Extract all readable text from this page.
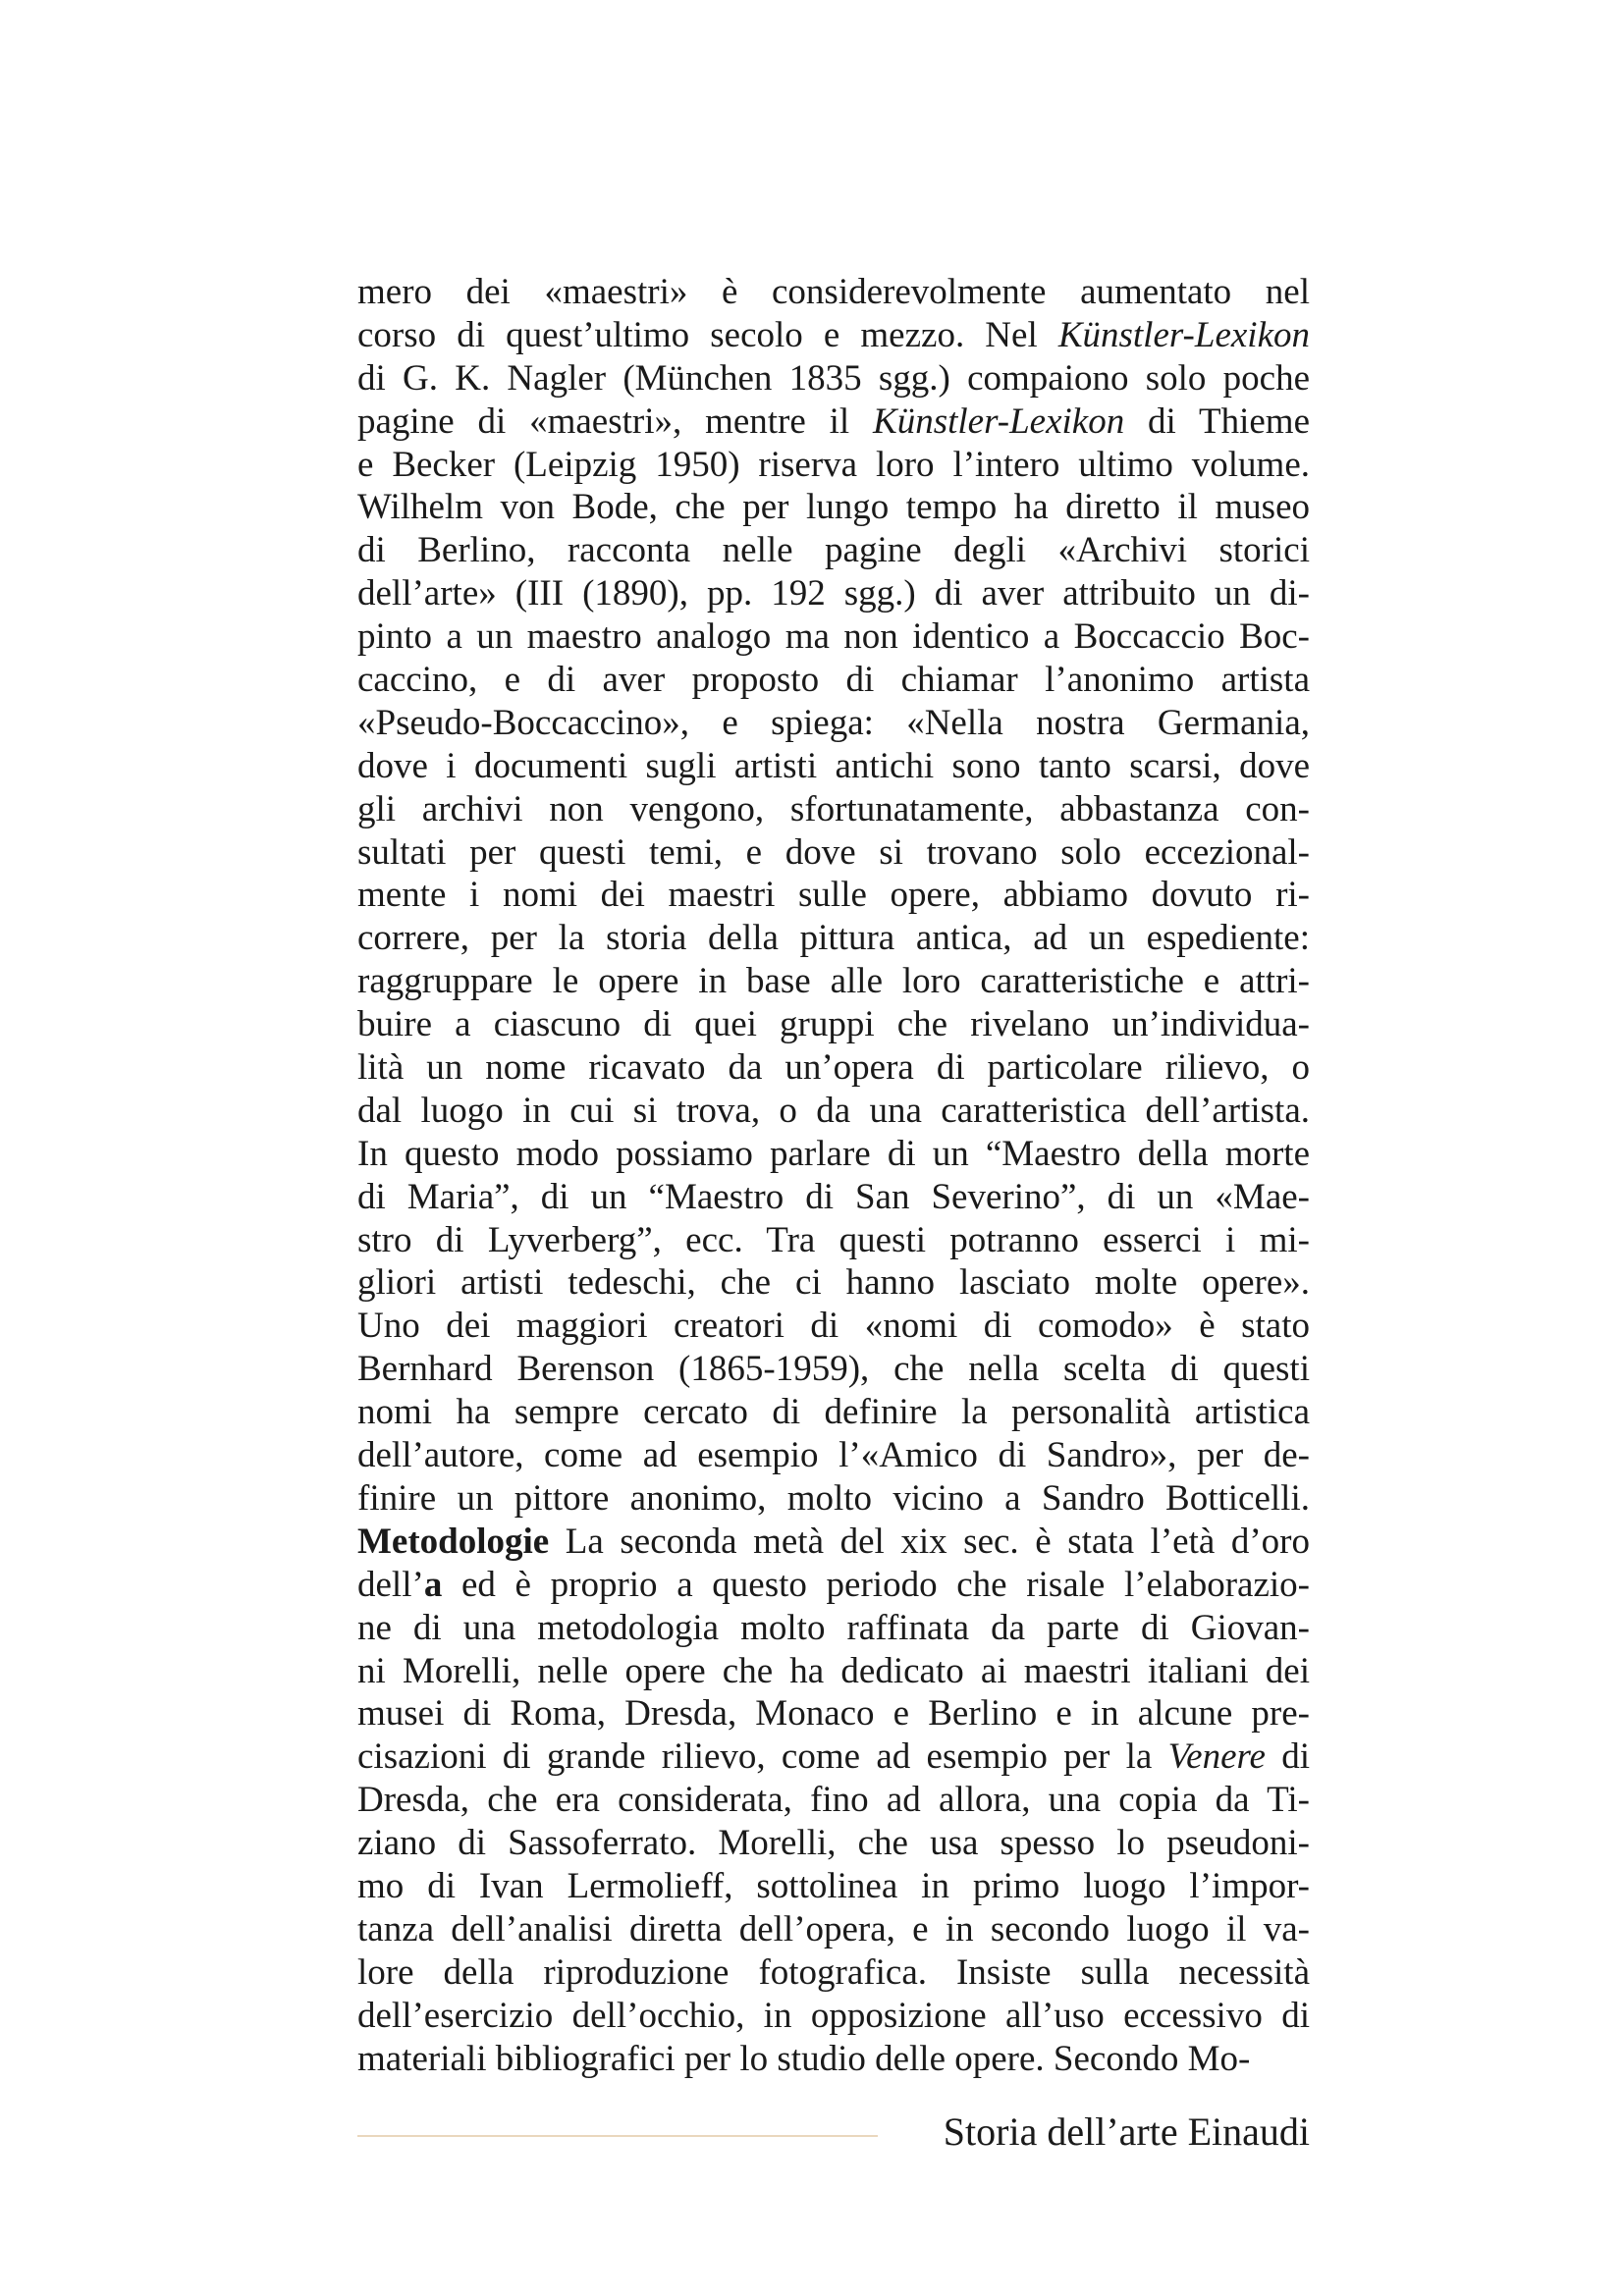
mero dei «maestri» è considerevolmente aumentato nel
corso di quest’ultimo secolo e mezzo. Nel Künstler-Lexikon
di G. K. Nagler (München 1835 sgg.) compaiono solo poche
pagine di «maestri», mentre il Künstler-Lexikon di Thieme
e Becker (Leipzig 1950) riserva loro l’intero ultimo volume.
Wilhelm von Bode, che per lungo tempo ha diretto il museo
di Berlino, racconta nelle pagine degli «Archivi storici
dell’arte» (III (1890), pp. 192 sgg.) di aver attribuito un di-
pinto a un maestro analogo ma non identico a Boccaccio Boc-
caccino, e di aver proposto di chiamar l’anonimo artista
«Pseudo-Boccaccino», e spiega: «Nella nostra Germania,
dove i documenti sugli artisti antichi sono tanto scarsi, dove
gli archivi non vengono, sfortunatamente, abbastanza con-
sultati per questi temi, e dove si trovano solo eccezional-
mente i nomi dei maestri sulle opere, abbiamo dovuto ri-
correre, per la storia della pittura antica, ad un espediente:
raggruppare le opere in base alle loro caratteristiche e attri-
buire a ciascuno di quei gruppi che rivelano un’individua-
lità un nome ricavato da un’opera di particolare rilievo, o
dal luogo in cui si trova, o da una caratteristica dell’artista.
In questo modo possiamo parlare di un “Maestro della morte
di Maria”, di un “Maestro di San Severino”, di un «Mae-
stro di Lyverberg”, ecc. Tra questi potranno esserci i mi-
gliori artisti tedeschi, che ci hanno lasciato molte opere».
Uno dei maggiori creatori di «nomi di comodo» è stato
Bernhard Berenson (1865-1959), che nella scelta di questi
nomi ha sempre cercato di definire la personalità artistica
dell’autore, come ad esempio l’«Amico di Sandro», per de-
finire un pittore anonimo, molto vicino a Sandro Botticelli.
Metodologie La seconda metà del xix sec. è stata l’età d’oro
dell’a ed è proprio a questo periodo che risale l’elaborazio-
ne di una metodologia molto raffinata da parte di Giovan-
ni Morelli, nelle opere che ha dedicato ai maestri italiani dei
musei di Roma, Dresda, Monaco e Berlino e in alcune pre-
cisazioni di grande rilievo, come ad esempio per la Venere di
Dresda, che era considerata, fino ad allora, una copia da Ti-
ziano di Sassoferrato. Morelli, che usa spesso lo pseudoni-
mo di Ivan Lermolieff, sottolinea in primo luogo l’impor-
tanza dell’analisi diretta dell’opera, e in secondo luogo il va-
lore della riproduzione fotografica. Insiste sulla necessità
dell’esercizio dell’occhio, in opposizione all’uso eccessivo di
materiali bibliografici per lo studio delle opere. Secondo Mo-
Storia dell’arte Einaudi
